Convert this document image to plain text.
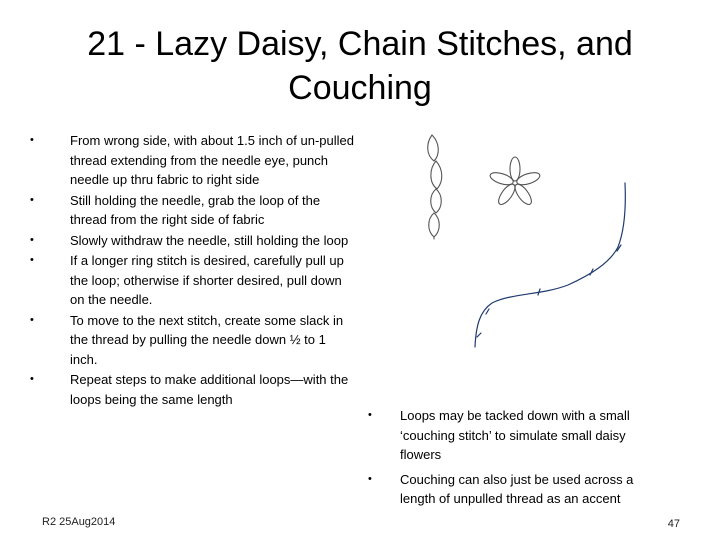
21 - Lazy Daisy, Chain Stitches, and
Couching
•	From wrong side, with about 1.5 inch of un-pulled thread extending from the needle eye, punch needle up thru fabric to right side
•	Still holding the needle, grab the loop of the thread from the right side of fabric
•	Slowly withdraw the needle, still holding the loop
•	If a longer ring stitch is desired, carefully pull up the loop; otherwise if shorter desired, pull down on the needle.
•	To move to the next stitch, create some slack in the thread by pulling the needle down ½ to 1 inch.
•	Repeat steps to make additional loops—with the loops being the same length
• Loops may be tacked down with a small ‘couching stitch’ to simulate small daisy flowers
• Couching can also just be used across a length of unpulled thread as an accent
R2 25Aug2014	47
